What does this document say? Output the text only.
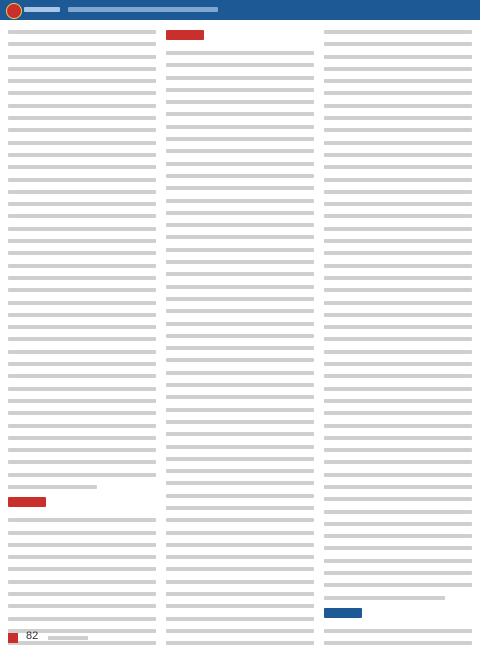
82
